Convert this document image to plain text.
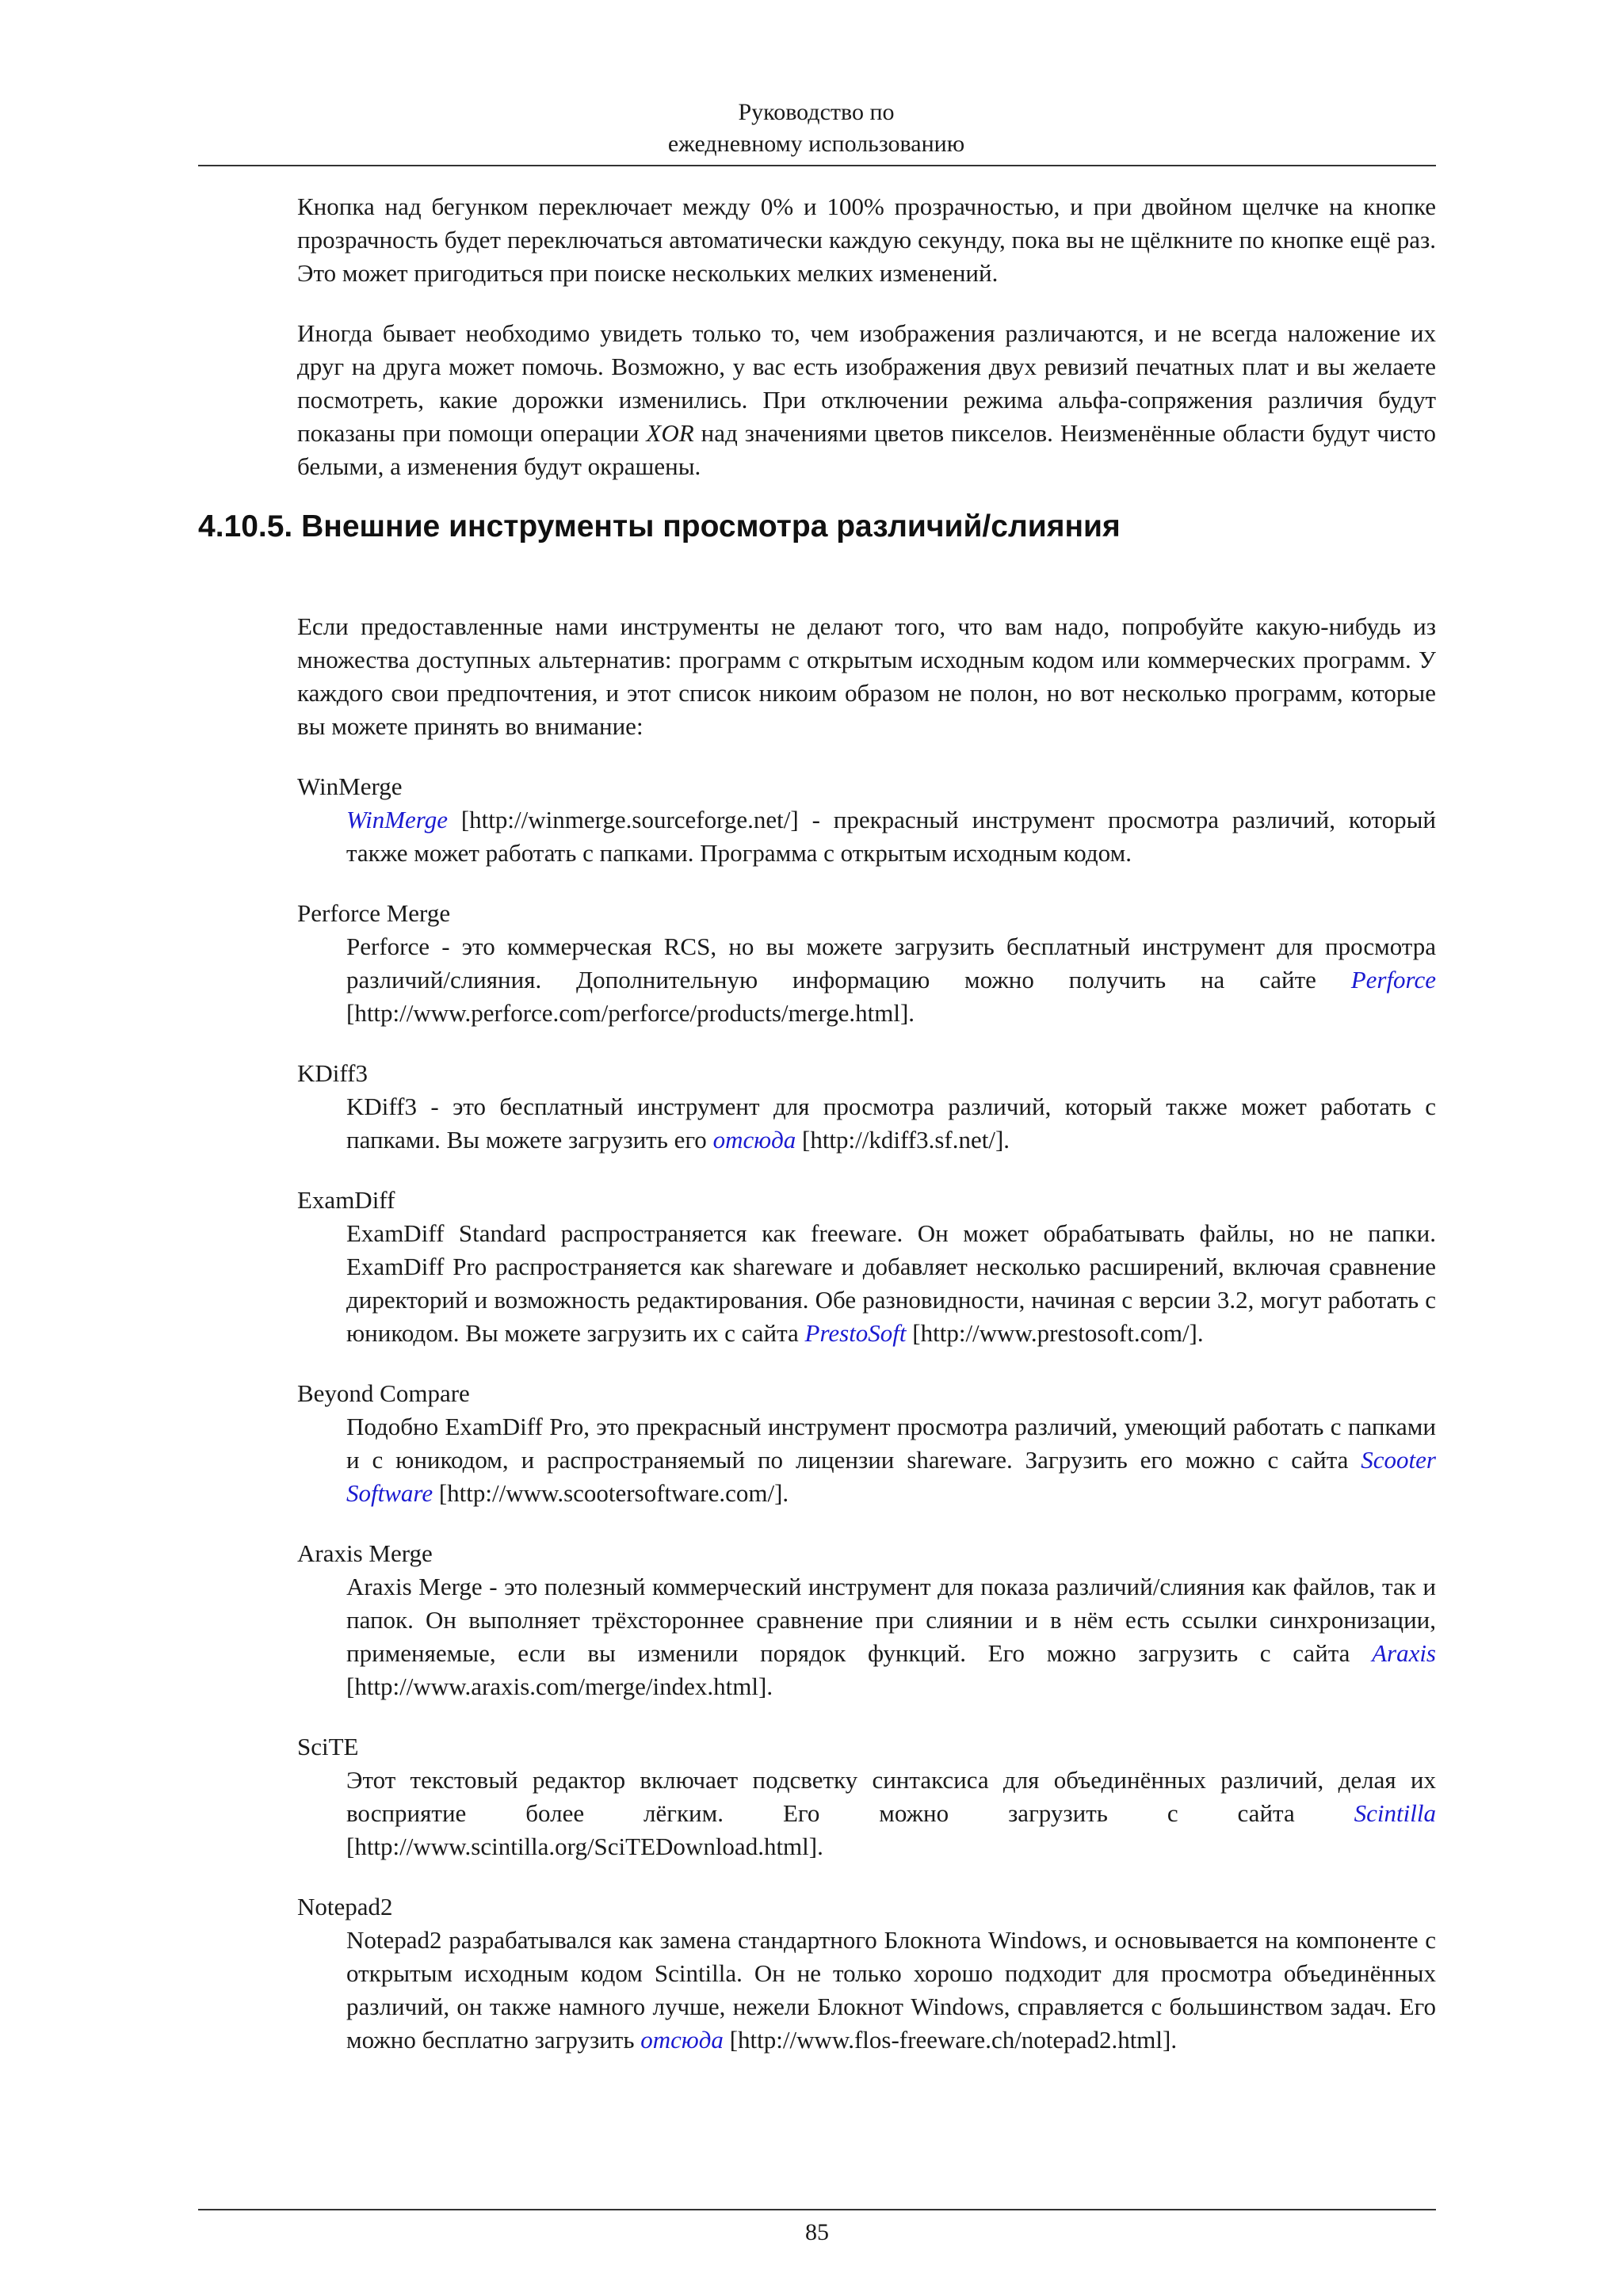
Руководство по
ежедневному использованию

Кнопка над бегунком переключает между 0% и 100% прозрачностью, и при двойном щелчке на кнопке прозрачность будет переключаться автоматически каждую секунду, пока вы не щёлкните по кнопке ещё раз. Это может пригодиться при поиске нескольких мелких изменений.

Иногда бывает необходимо увидеть только то, чем изображения различаются, и не всегда наложение их друг на друга может помочь. Возможно, у вас есть изображения двух ревизий печатных плат и вы желаете посмотреть, какие дорожки изменились. При отключении режима альфа-сопряжения различия будут показаны при помощи операции XOR над значениями цветов пикселов. Неизменённые области будут чисто белыми, а изменения будут окрашены.

4.10.5. Внешние инструменты просмотра различий/слияния

Если предоставленные нами инструменты не делают того, что вам надо, попробуйте какую-нибудь из множества доступных альтернатив: программ с открытым исходным кодом или коммерческих программ. У каждого свои предпочтения, и этот список никоим образом не полон, но вот несколько программ, которые вы можете принять во внимание:

WinMerge
WinMerge [http://winmerge.sourceforge.net/] - прекрасный инструмент просмотра различий, который также может работать с папками. Программа с открытым исходным кодом.
Perforce Merge
Perforce - это коммерческая RCS, но вы можете загрузить бесплатный инструмент для просмотра различий/слияния. Дополнительную информацию можно получить на сайте Perforce [http://www.perforce.com/perforce/products/merge.html].
KDiff3
KDiff3 - это бесплатный инструмент для просмотра различий, который также может работать с папками. Вы можете загрузить его отсюда [http://kdiff3.sf.net/].
ExamDiff
ExamDiff Standard распространяется как freeware. Он может обрабатывать файлы, но не папки. ExamDiff Pro распространяется как shareware и добавляет несколько расширений, включая сравнение директорий и возможность редактирования. Обе разновидности, начиная с версии 3.2, могут работать с юникодом. Вы можете загрузить их с сайта PrestoSoft [http://www.prestosoft.com/].
Beyond Compare
Подобно ExamDiff Pro, это прекрасный инструмент просмотра различий, умеющий работать с папками и с юникодом, и распространяемый по лицензии shareware. Загрузить его можно с сайта Scooter Software [http://www.scootersoftware.com/].
Araxis Merge
Araxis Merge - это полезный коммерческий инструмент для показа различий/слияния как файлов, так и папок. Он выполняет трёхстороннее сравнение при слиянии и в нём есть ссылки синхронизации, применяемые, если вы изменили порядок функций. Его можно загрузить с сайта Araxis [http://www.araxis.com/merge/index.html].
SciTE
Этот текстовый редактор включает подсветку синтаксиса для объединённых различий, делая их восприятие более лёгким. Его можно загрузить с сайта Scintilla [http://www.scintilla.org/SciTEDownload.html].
Notepad2
Notepad2 разрабатывался как замена стандартного Блокнота Windows, и основывается на компоненте с открытым исходным кодом Scintilla. Он не только хорошо подходит для просмотра объединённых различий, он также намного лучше, нежели Блокнот Windows, справляется с большинством задач. Его можно бесплатно загрузить отсюда [http://www.flos-freeware.ch/notepad2.html].
85
